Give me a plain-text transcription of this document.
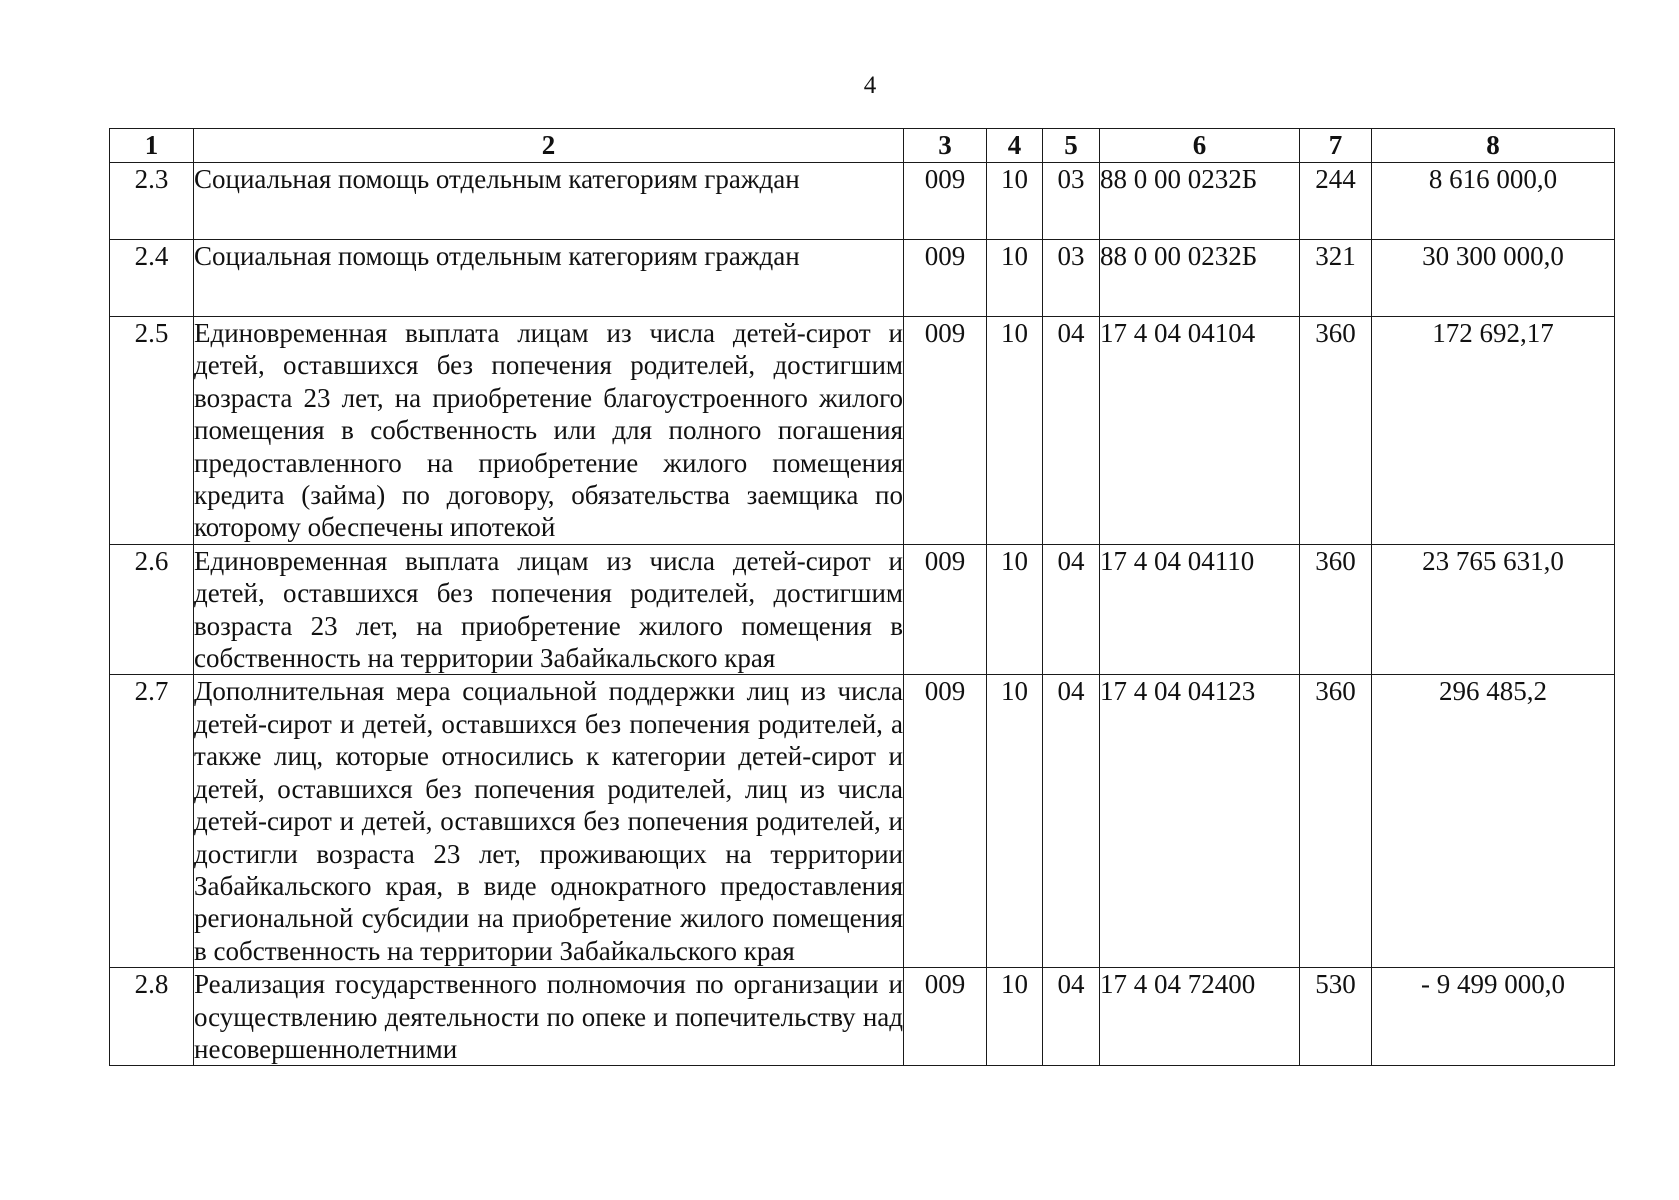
4
1	2	3	4	5	6	7	8
2.3	Социальная помощь отдельным категориям граждан	009	10	03	88 0 00 0232Б	244	8 616 000,0
2.4	Социальная помощь отдельным категориям граждан	009	10	03	88 0 00 0232Б	321	30 300 000,0
2.5	Единовременная выплата лицам из числа детей-сирот и детей, оставшихся без попечения родителей, достигшим возраста 23 лет, на приобретение благоустроенного жилого помещения в собственность или для полного погашения предоставленного на приобретение жилого помещения кредита (займа) по договору, обязательства заемщика по которому обеспечены ипотекой	009	10	04	17 4 04 04104	360	172 692,17
2.6	Единовременная выплата лицам из числа детей-сирот и детей, оставшихся без попечения родителей, достигшим возраста 23 лет, на приобретение жилого помещения в собственность на территории Забайкальского края	009	10	04	17 4 04 04110	360	23 765 631,0
2.7	Дополнительная мера социальной поддержки лиц из числа детей-сирот и детей, оставшихся без попечения родителей, а также лиц, которые относились к категории детей-сирот и детей, оставшихся без попечения родителей, лиц из числа детей-сирот и детей, оставшихся без попечения родителей, и достигли возраста 23 лет, проживающих на территории Забайкальского края, в виде однократного предоставления региональной субсидии на приобретение жилого помещения в собственность на территории Забайкальского края	009	10	04	17 4 04 04123	360	296 485,2
2.8	Реализация государственного полномочия по организации и осуществлению деятельности по опеке и попечительству над несовершеннолетними	009	10	04	17 4 04 72400	530	- 9 499 000,0
